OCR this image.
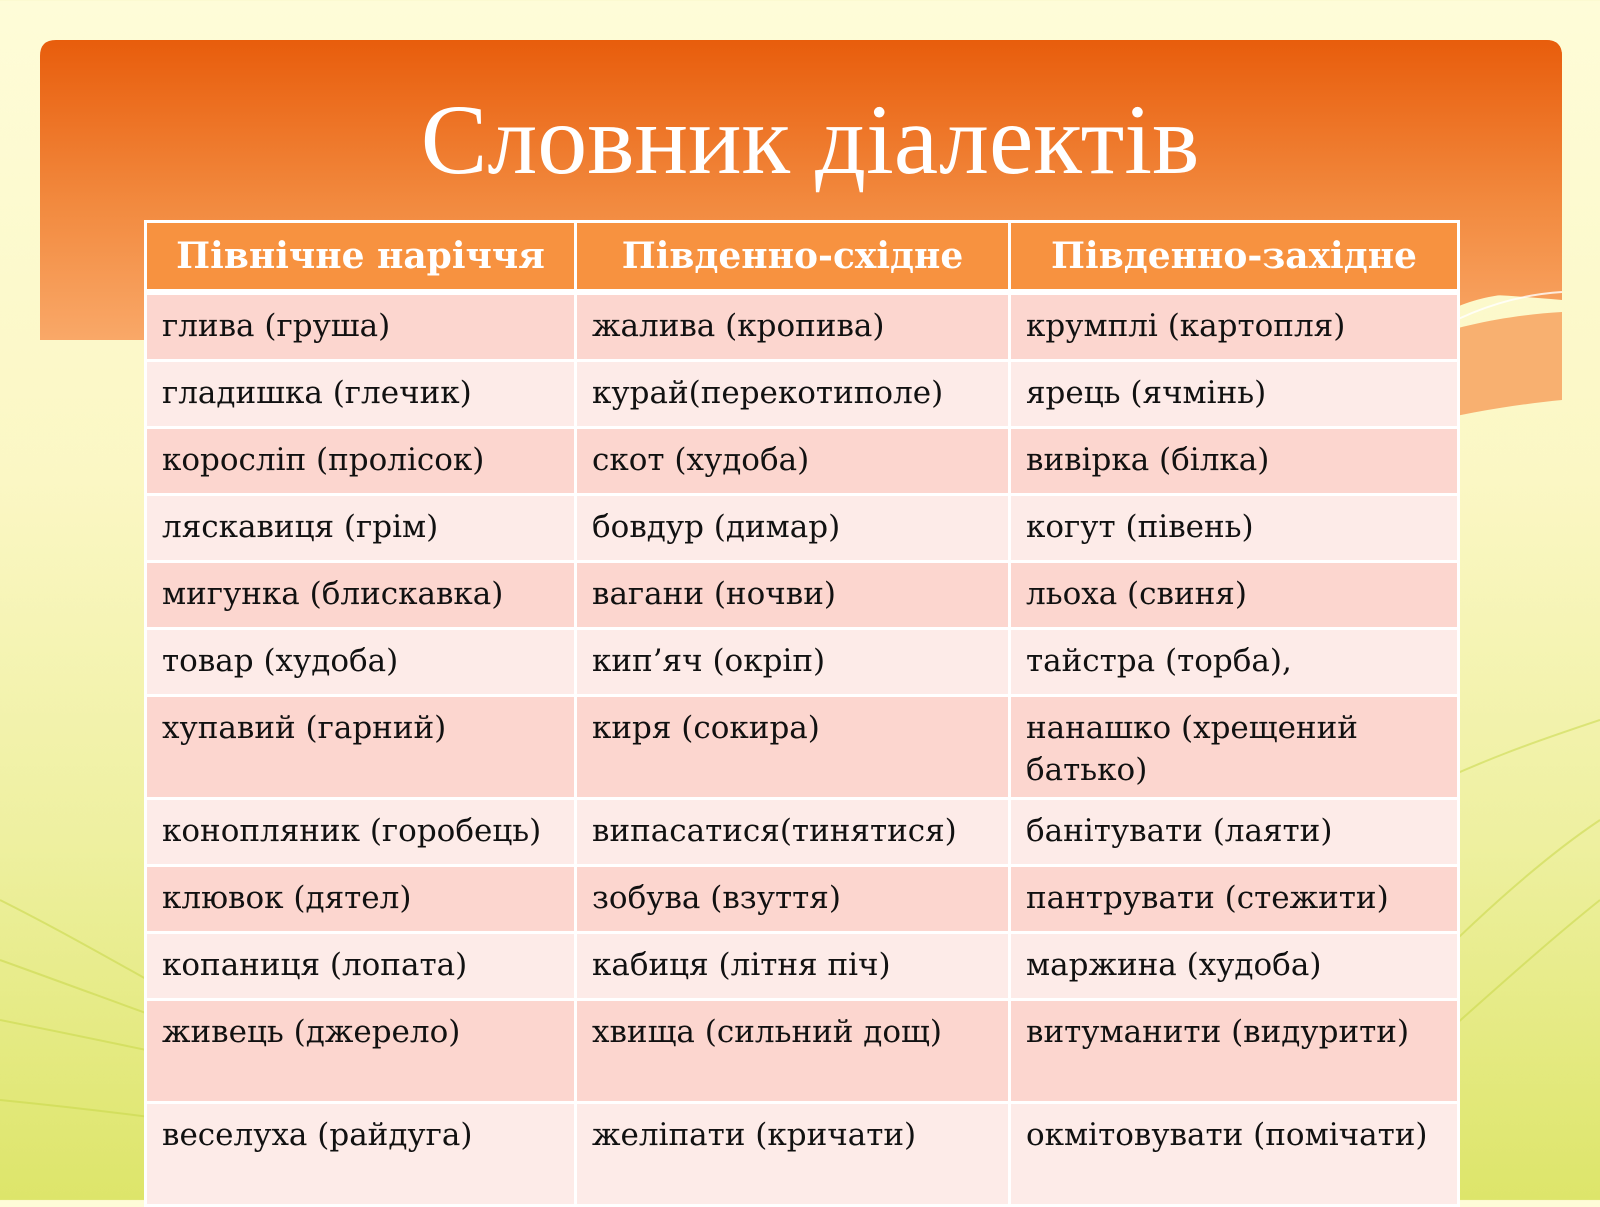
Словник діалектів
Північне наріччя	Південно-східне	Південно-західне
глива (груша)	жалива (кропива)	крумплі (картопля)
гладишка (глечик)	курай(перекотиполе)	ярець (ячмінь)
коросліп (пролісок)	скот (худоба)	вивірка (білка)
ляскавиця (грім)	бовдур (димар)	когут (півень)
мигунка (блискавка)	вагани (ночви)	льоха (свиня)
товар (худоба)	кип’яч (окріп)	тайстра (торба),
хупавий (гарний)	киря (сокира)	нанашко (хрещений батько)
конопляник (горобець)	випасатися(тинятися)	банітувати (лаяти)
клювок (дятел)	зобува (взуття)	пантрувати (стежити)
копаниця (лопата)	кабиця (літня піч)	маржина (худоба)
живець (джерело)	хвища (сильний дощ)	витуманити (видурити)
веселуха (райдуга)	желіпати (кричати)	окмітовувати (помічати)
